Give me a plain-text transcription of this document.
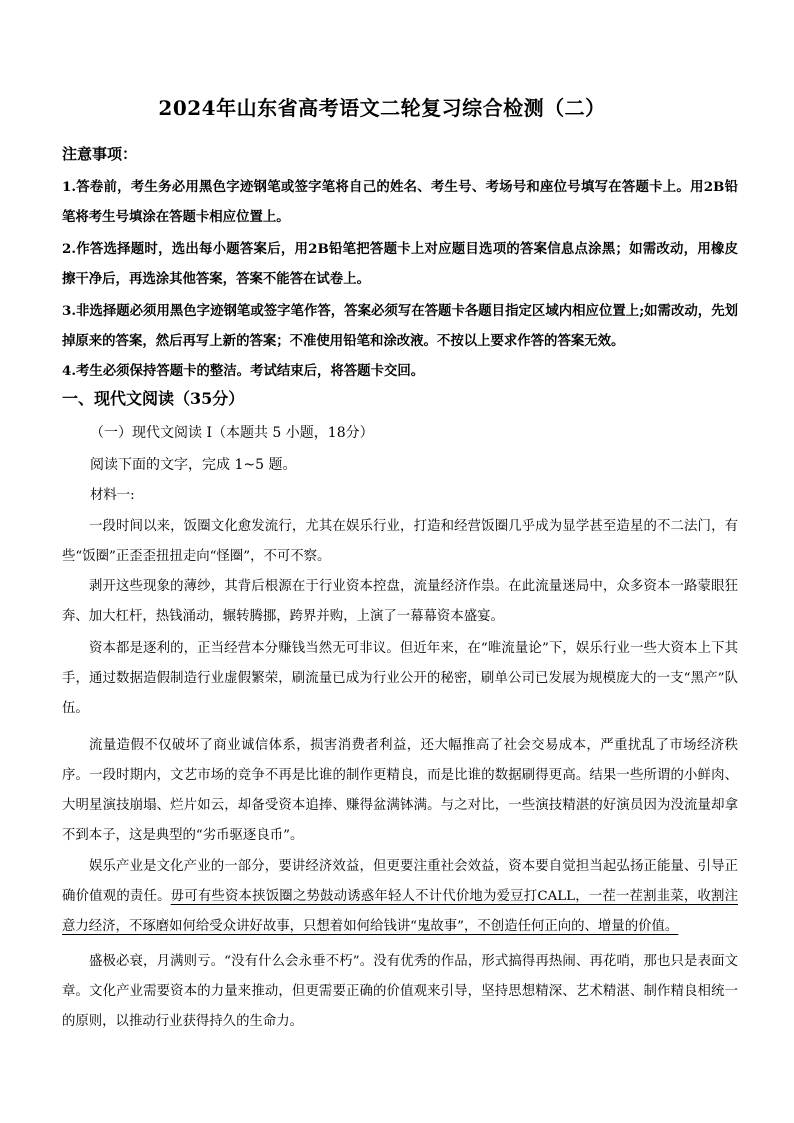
2024年山东省高考语文二轮复习综合检测（二）
注意事项：

1.答卷前，考生务必用黑色字迹钢笔或签字笔将自己的姓名、考生号、考场号和座位号填写在答题卡上。用2B铅笔将考生号填涂在答题卡相应位置上。

2.作答选择题时，选出每小题答案后，用2B铅笔把答题卡上对应题目选项的答案信息点涂黑；如需改动，用橡皮擦干净后，再选涂其他答案，答案不能答在试卷上。

3.非选择题必须用黑色字迹钢笔或签字笔作答，答案必须写在答题卡各题目指定区域内相应位置上;如需改动，先划掉原来的答案，然后再写上新的答案；不准使用铅笔和涂改液。不按以上要求作答的答案无效。

4.考生必须保持答题卡的整洁。考试结束后，将答题卡交回。

一、现代文阅读（35分）

（一）现代文阅读 I（本题共 5 小题，18分）

阅读下面的文字，完成 1~5 题。

材料一:

一段时间以来，饭圈文化愈发流行，尤其在娱乐行业，打造和经营饭圈几乎成为显学甚至造星的不二法门，有些“饭圈”正歪歪扭扭走向“怪圈”，不可不察。

剥开这些现象的薄纱，其背后根源在于行业资本控盘，流量经济作祟。在此流量迷局中，众多资本一路蒙眼狂奔、加大杠杆，热钱涌动，辗转腾挪，跨界并购，上演了一幕幕资本盛宴。

资本都是逐利的，正当经营本分赚钱当然无可非议。但近年来，在“唯流量论”下，娱乐行业一些大资本上下其手，通过数据造假制造行业虚假繁荣，刷流量已成为行业公开的秘密，刷单公司已发展为规模庞大的一支“黑产”队伍。

流量造假不仅破坏了商业诚信体系，损害消费者利益，还大幅推高了社会交易成本，严重扰乱了市场经济秩序。一段时期内，文艺市场的竞争不再是比谁的制作更精良，而是比谁的数据刷得更高。结果一些所谓的小鲜肉、大明星演技崩塌、烂片如云，却备受资本追捧、赚得盆满钵满。与之对比，一些演技精湛的好演员因为没流量却拿不到本子，这是典型的“劣币驱逐良币”。

娱乐产业是文化产业的一部分，要讲经济效益，但更要注重社会效益，资本要自觉担当起弘扬正能量、引导正确价值观的责任。毋可有些资本挟饭圈之势鼓动诱惑年轻人不计代价地为爱豆打CALL，一茬一茬割韭菜，收割注意力经济，不琢磨如何给受众讲好故事，只想着如何给钱讲“鬼故事”，不创造任何正向的、增量的价值。

盛极必衰，月满则亏。“没有什么会永垂不朽”。没有优秀的作品，形式搞得再热闹、再花哨，那也只是表面文章。文化产业需要资本的力量来推动，但更需要正确的价值观来引导，坚持思想精深、艺术精湛、制作精良相统一的原则，以推动行业获得持久的生命力。
